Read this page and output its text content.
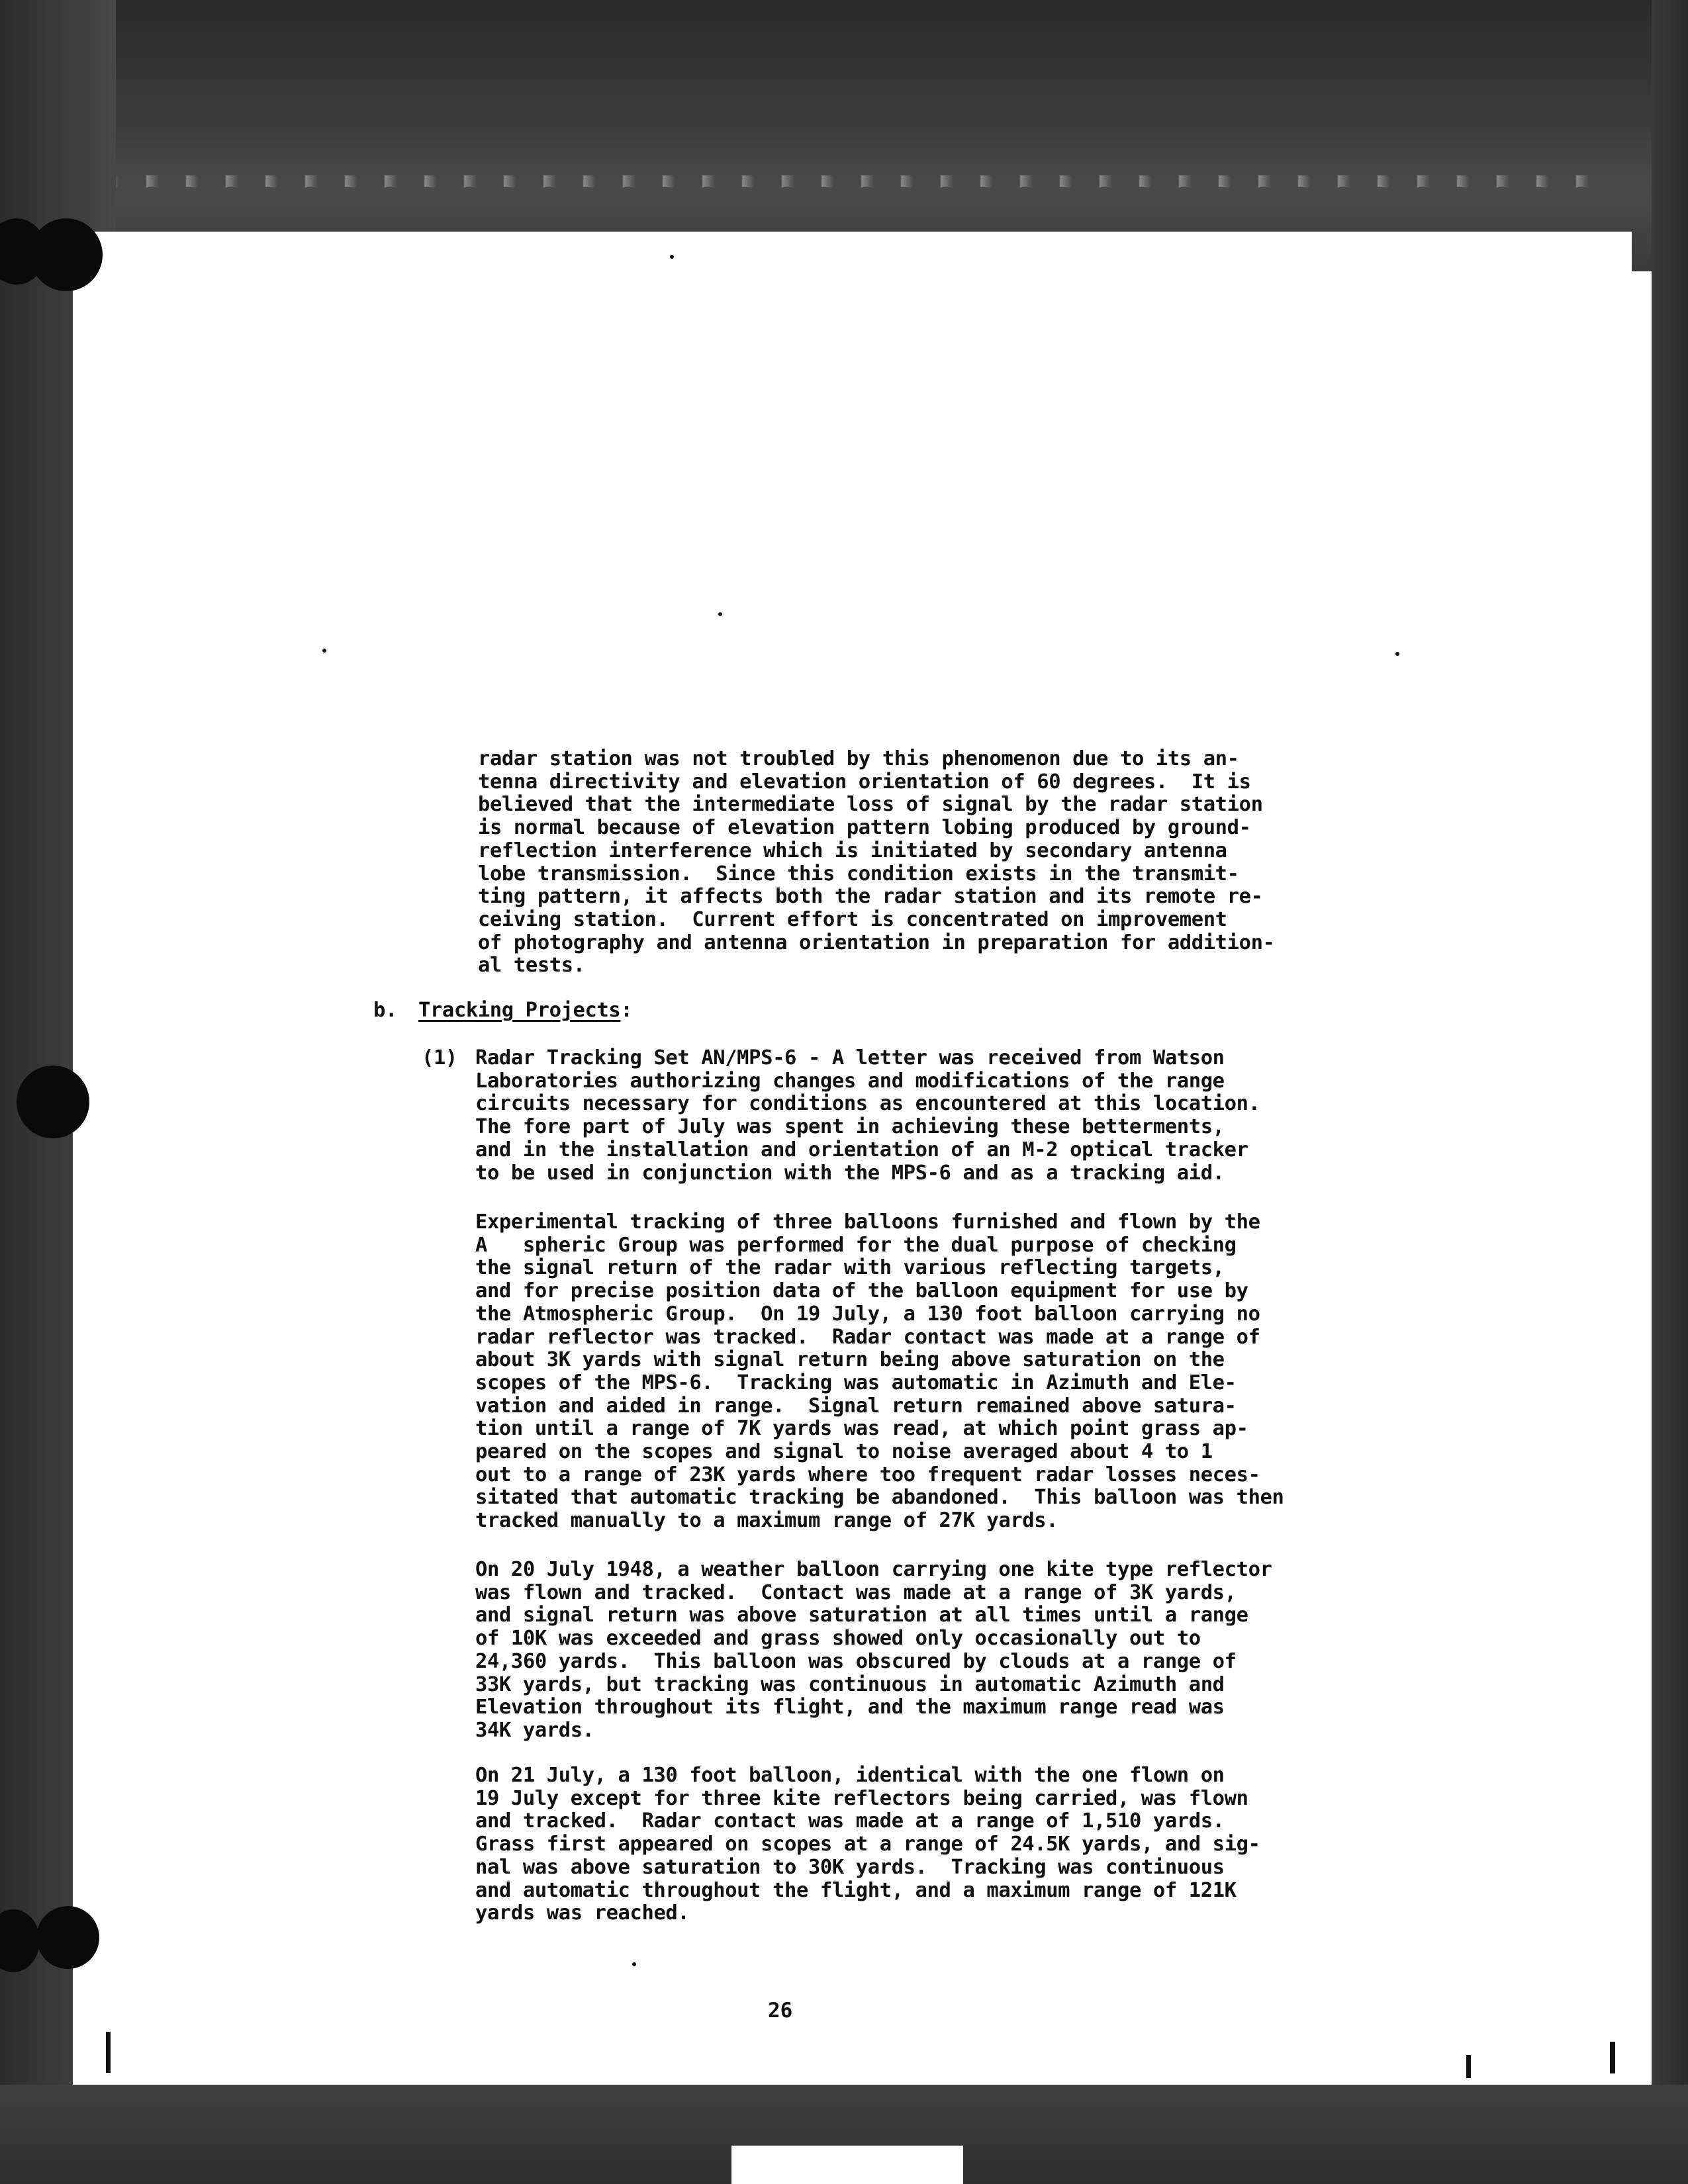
radar station was not troubled by this phenomenon due to its an-
tenna directivity and elevation orientation of 60 degrees.  It is
believed that the intermediate loss of signal by the radar station
is normal because of elevation pattern lobing produced by ground-
reflection interference which is initiated by secondary antenna
lobe transmission.  Since this condition exists in the transmit-
ting pattern, it affects both the radar station and its remote re-
ceiving station.  Current effort is concentrated on improvement
of photography and antenna orientation in preparation for addition-
al tests.
b. Tracking Projects:
(1) Radar Tracking Set AN/MPS-6 - A letter was received from Watson
Laboratories authorizing changes and modifications of the range
circuits necessary for conditions as encountered at this location.
The fore part of July was spent in achieving these betterments,
and in the installation and orientation of an M-2 optical tracker
to be used in conjunction with the MPS-6 and as a tracking aid.
Experimental tracking of three balloons furnished and flown by the
A   spheric Group was performed for the dual purpose of checking
the signal return of the radar with various reflecting targets,
and for precise position data of the balloon equipment for use by
the Atmospheric Group.  On 19 July, a 130 foot balloon carrying no
radar reflector was tracked.  Radar contact was made at a range of
about 3K yards with signal return being above saturation on the
scopes of the MPS-6.  Tracking was automatic in Azimuth and Ele-
vation and aided in range.  Signal return remained above satura-
tion until a range of 7K yards was read, at which point grass ap-
peared on the scopes and signal to noise averaged about 4 to 1
out to a range of 23K yards where too frequent radar losses neces-
sitated that automatic tracking be abandoned.  This balloon was then
tracked manually to a maximum range of 27K yards.
On 20 July 1948, a weather balloon carrying one kite type reflector
was flown and tracked.  Contact was made at a range of 3K yards,
and signal return was above saturation at all times until a range
of 10K was exceeded and grass showed only occasionally out to
24,360 yards.  This balloon was obscured by clouds at a range of
33K yards, but tracking was continuous in automatic Azimuth and
Elevation throughout its flight, and the maximum range read was
34K yards.
On 21 July, a 130 foot balloon, identical with the one flown on
19 July except for three kite reflectors being carried, was flown
and tracked.  Radar contact was made at a range of 1,510 yards.
Grass first appeared on scopes at a range of 24.5K yards, and sig-
nal was above saturation to 30K yards.  Tracking was continuous
and automatic throughout the flight, and a maximum range of 121K
yards was reached.
26
